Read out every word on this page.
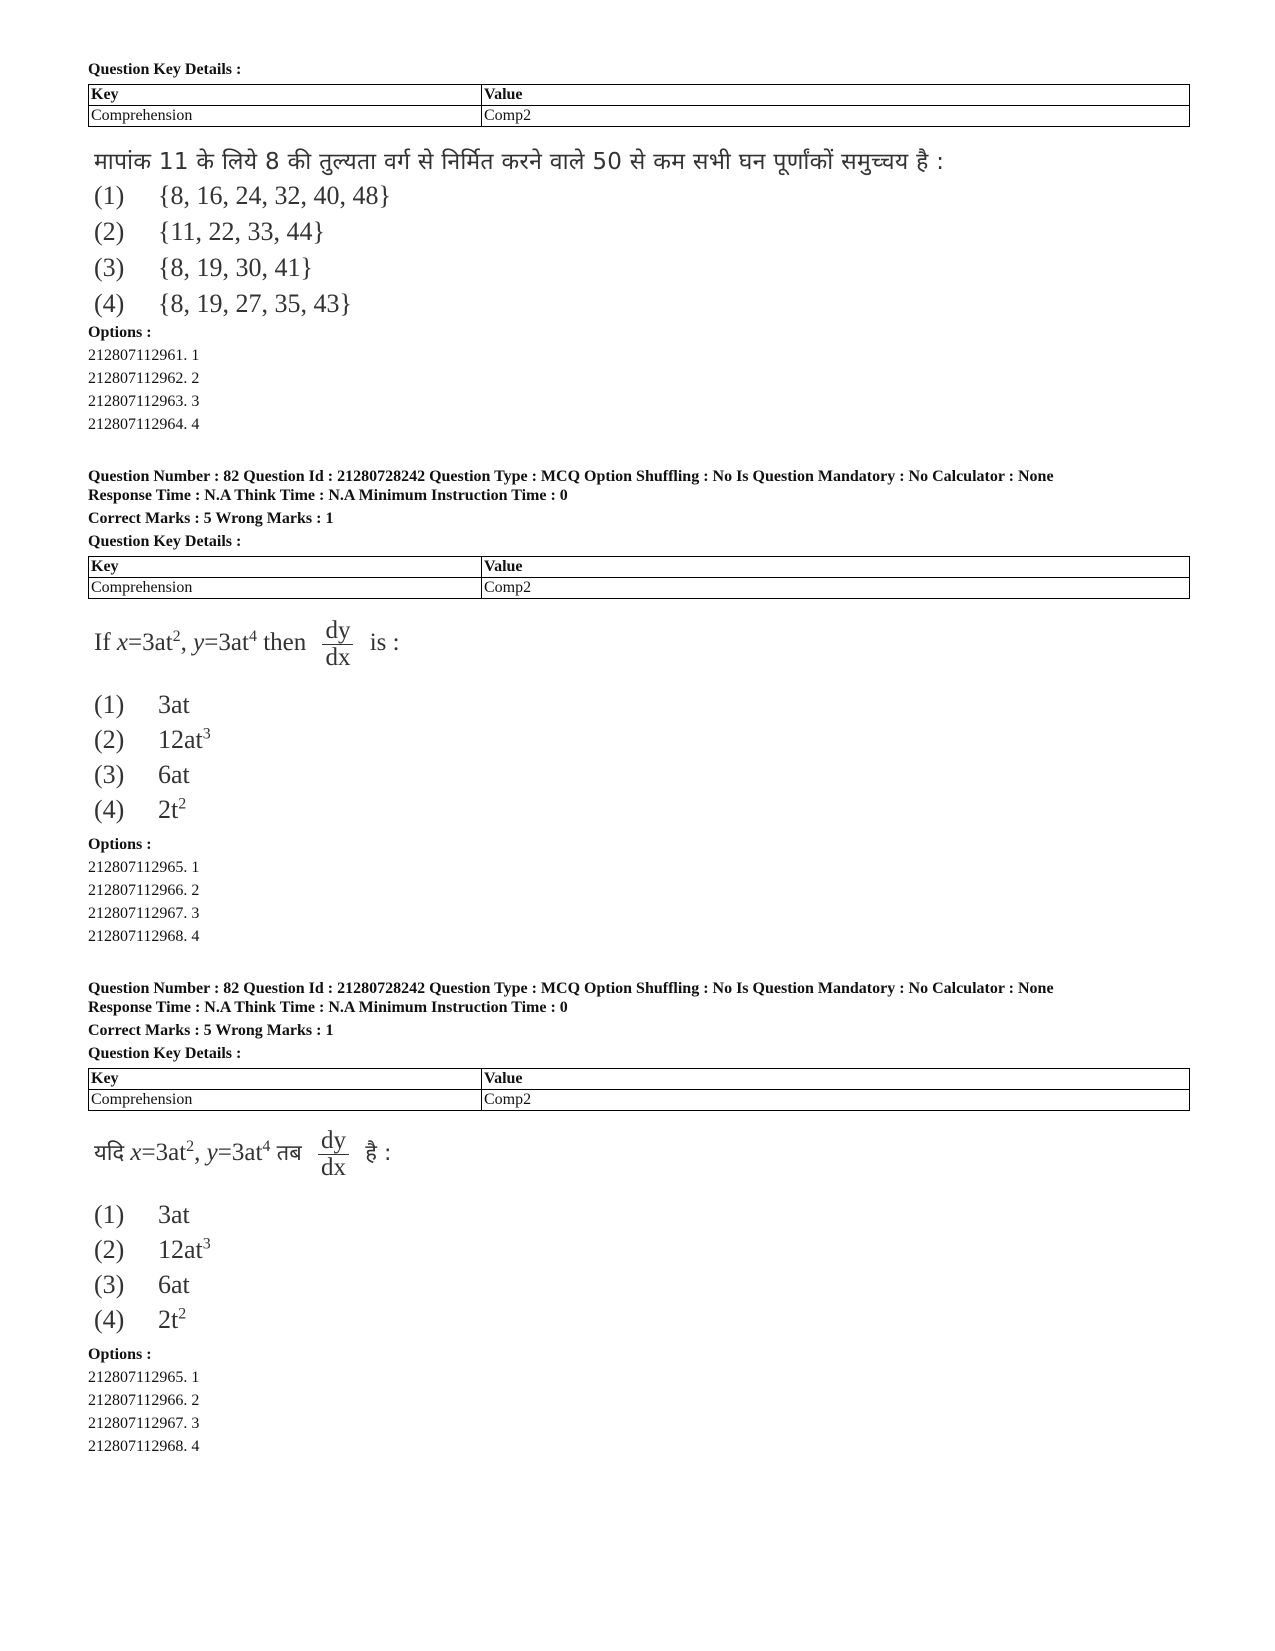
Question Key Details :
Key	Value
Comprehension	Comp2
मापांक 11 के लिये 8 की तुल्यता वर्ग से निर्मित करने वाले 50 से कम सभी घन पूर्णांकों समुच्चय है :
(1) {8, 16, 24, 32, 40, 48}
(2) {11, 22, 33, 44}
(3) {8, 19, 30, 41}
(4) {8, 19, 27, 35, 43}
Options :
212807112961. 1
212807112962. 2
212807112963. 3
212807112964. 4
Question Number : 82 Question Id : 21280728242 Question Type : MCQ Option Shuffling : No Is Question Mandatory : No Calculator : None
Response Time : N.A Think Time : N.A Minimum Instruction Time : 0
Correct Marks : 5 Wrong Marks : 1
Question Key Details :
Key	Value
Comprehension	Comp2
If $x=3at^2$, $y=3at^4$ then $\frac{dy}{dx}$ is :
(1) 3at
(2) $12at^3$
(3) 6at
(4) $2t^2$
Options :
212807112965. 1
212807112966. 2
212807112967. 3
212807112968. 4
Question Number : 82 Question Id : 21280728242 Question Type : MCQ Option Shuffling : No Is Question Mandatory : No Calculator : None
Response Time : N.A Think Time : N.A Minimum Instruction Time : 0
Correct Marks : 5 Wrong Marks : 1
Question Key Details :
Key	Value
Comprehension	Comp2
यदि $x=3at^2$, $y=3at^4$ तब $\frac{dy}{dx}$ है :
(1) 3at
(2) $12at^3$
(3) 6at
(4) $2t^2$
Options :
212807112965. 1
212807112966. 2
212807112967. 3
212807112968. 4
